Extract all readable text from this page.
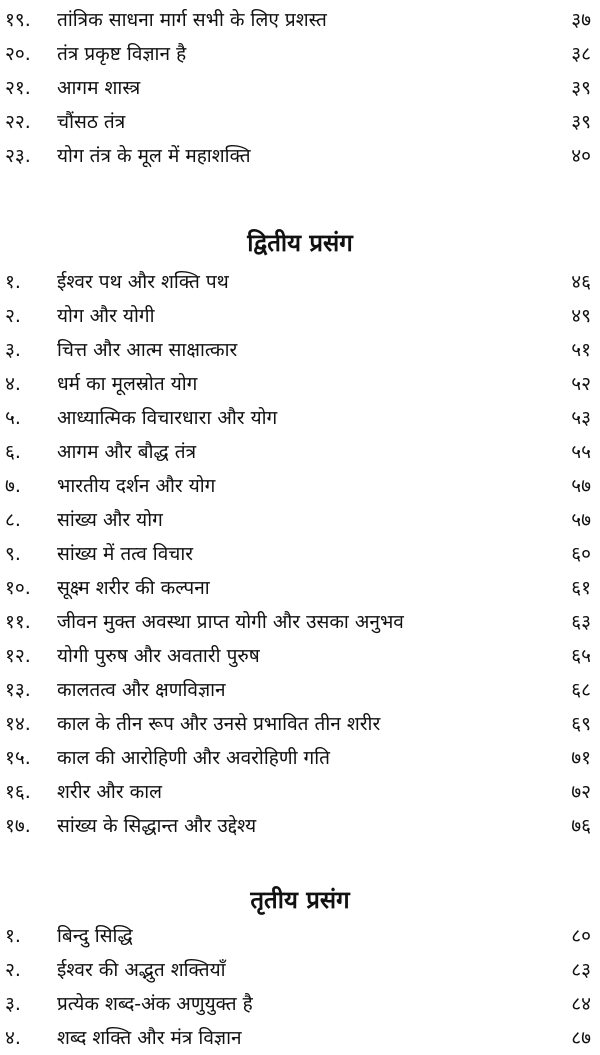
१९. तांत्रिक साधना मार्ग सभी के लिए प्रशस्त	३७
२०. तंत्र प्रकृष्ट विज्ञान है	३८
२१. आगम शास्त्र	३९
२२. चौंसठ तंत्र	३९
२३. योग तंत्र के मूल में महाशक्ति	४०
द्वितीय प्रसंग
१. ईश्वर पथ और शक्ति पथ	४६
२. योग और योगी	४९
३. चित्त और आत्म साक्षात्कार	५१
४. धर्म का मूलस्रोत योग	५२
५. आध्यात्मिक विचारधारा और योग	५३
६. आगम और बौद्ध तंत्र	५५
७. भारतीय दर्शन और योग	५७
८. सांख्य और योग	५७
९. सांख्य में तत्व विचार	६०
१०. सूक्ष्म शरीर की कल्पना	६१
११. जीवन मुक्त अवस्था प्राप्त योगी और उसका अनुभव	६३
१२. योगी पुरुष और अवतारी पुरुष	६५
१३. कालतत्व और क्षणविज्ञान	६८
१४. काल के तीन रूप और उनसे प्रभावित तीन शरीर	६९
१५. काल की आरोहिणी और अवरोहिणी गति	७१
१६. शरीर और काल	७२
१७. सांख्य के सिद्धान्त और उद्देश्य	७६
तृतीय प्रसंग
१. बिन्दु सिद्धि	८०
२. ईश्वर की अद्भुत शक्तियाँ	८३
३. प्रत्येक शब्द-अंक अणुयुक्त है	८४
४. शब्द शक्ति और मंत्र विज्ञान	८७
